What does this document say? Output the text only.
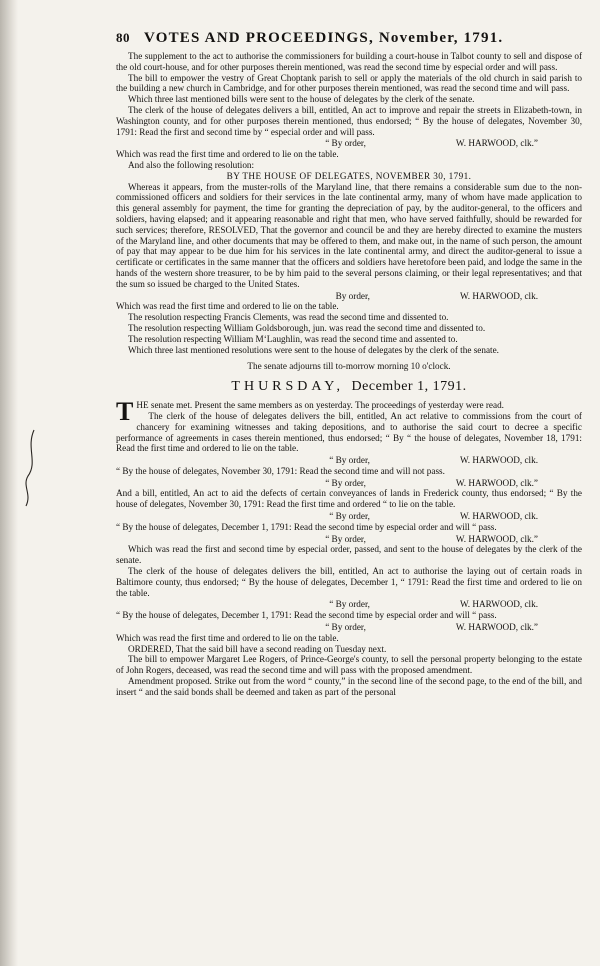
80 VOTES AND PROCEEDINGS, November, 1791.

The supplement to the act to authorise the commissioners for building a court-house in Talbot county to sell and dispose of the old court-house, and for other purposes therein mentioned, was read the second time by especial order and will pass.

The bill to empower the vestry of Great Choptank parish to sell or apply the materials of the old church in said parish to the building a new church in Cambridge, and for other purposes therein mentioned, was read the second time and will pass.

Which three last mentioned bills were sent to the house of delegates by the clerk of the senate.

The clerk of the house of delegates delivers a bill, entitled, An act to improve and repair the streets in Elizabeth-town, in Washington county, and for other purposes therein mentioned, thus endorsed; “ By the house of delegates, November 30, 1791: Read the first and second time by “ especial order and will pass.

“ By order,	W. HARWOOD, clk.”

Which was read the first time and ordered to lie on the table.

And also the following resolution:

BY THE HOUSE OF DELEGATES, NOVEMBER 30, 1791.

Whereas it appears, from the muster-rolls of the Maryland line, that there remains a considerable sum due to the non-commissioned officers and soldiers for their services in the late continental army, many of whom have made application to this general assembly for payment, the time for granting the depreciation of pay, by the auditor-general, to the officers and soldiers, having elapsed; and it appearing reasonable and right that men, who have served faithfully, should be rewarded for such services; therefore, RESOLVED, That the governor and council be and they are hereby directed to examine the musters of the Maryland line, and other documents that may be offered to them, and make out, in the name of such person, the amount of pay that may appear to be due him for his services in the late continental army, and direct the auditor-general to issue a certificate or certificates in the same manner that the officers and soldiers have heretofore been paid, and lodge the same in the hands of the western shore treasurer, to be by him paid to the several persons claiming, or their legal representatives; and that the sum so issued be charged to the United States.

By order,	W. HARWOOD, clk.

Which was read the first time and ordered to lie on the table.

The resolution respecting Francis Clements, was read the second time and dissented to.

The resolution respecting William Goldsborough, jun. was read the second time and dissented to.

The resolution respecting William M‘Laughlin, was read the second time and assented to.

Which three last mentioned resolutions were sent to the house of delegates by the clerk of the senate.

The senate adjourns till to-morrow morning 10 o'clock.

THURSDAY, December 1, 1791.

THE senate met. Present the same members as on yesterday. The proceedings of yesterday were read.

The clerk of the house of delegates delivers the bill, entitled, An act relative to commissions from the court of chancery for examining witnesses and taking depositions, and to authorise the said court to decree a specific performance of agreements in cases therein mentioned, thus endorsed; “ By “ the house of delegates, November 18, 1791: Read the first time and ordered to lie on the table.

“ By order,	W. HARWOOD, clk.

“ By the house of delegates, November 30, 1791: Read the second time and will not pass.

“ By order,	W. HARWOOD, clk.”

And a bill, entitled, An act to aid the defects of certain conveyances of lands in Frederick county, thus endorsed; “ By the house of delegates, November 30, 1791: Read the first time and ordered “ to lie on the table.

“ By order,	W. HARWOOD, clk.

“ By the house of delegates, December 1, 1791: Read the second time by especial order and will “ pass.

“ By order,	W. HARWOOD, clk.”

Which was read the first and second time by especial order, passed, and sent to the house of delegates by the clerk of the senate.

The clerk of the house of delegates delivers the bill, entitled, An act to authorise the laying out of certain roads in Baltimore county, thus endorsed; “ By the house of delegates, December 1, “ 1791: Read the first time and ordered to lie on the table.

“ By order,	W. HARWOOD, clk.

“ By the house of delegates, December 1, 1791: Read the second time by especial order and will “ pass.

“ By order,	W. HARWOOD, clk.”

Which was read the first time and ordered to lie on the table.

ORDERED, That the said bill have a second reading on Tuesday next.

The bill to empower Margaret Lee Rogers, of Prince-George's county, to sell the personal property belonging to the estate of John Rogers, deceased, was read the second time and will pass with the proposed amendment.

Amendment proposed. Strike out from the word “ county,” in the second line of the second page, to the end of the bill, and insert “ and the said bonds shall be deemed and taken as part of the personal
